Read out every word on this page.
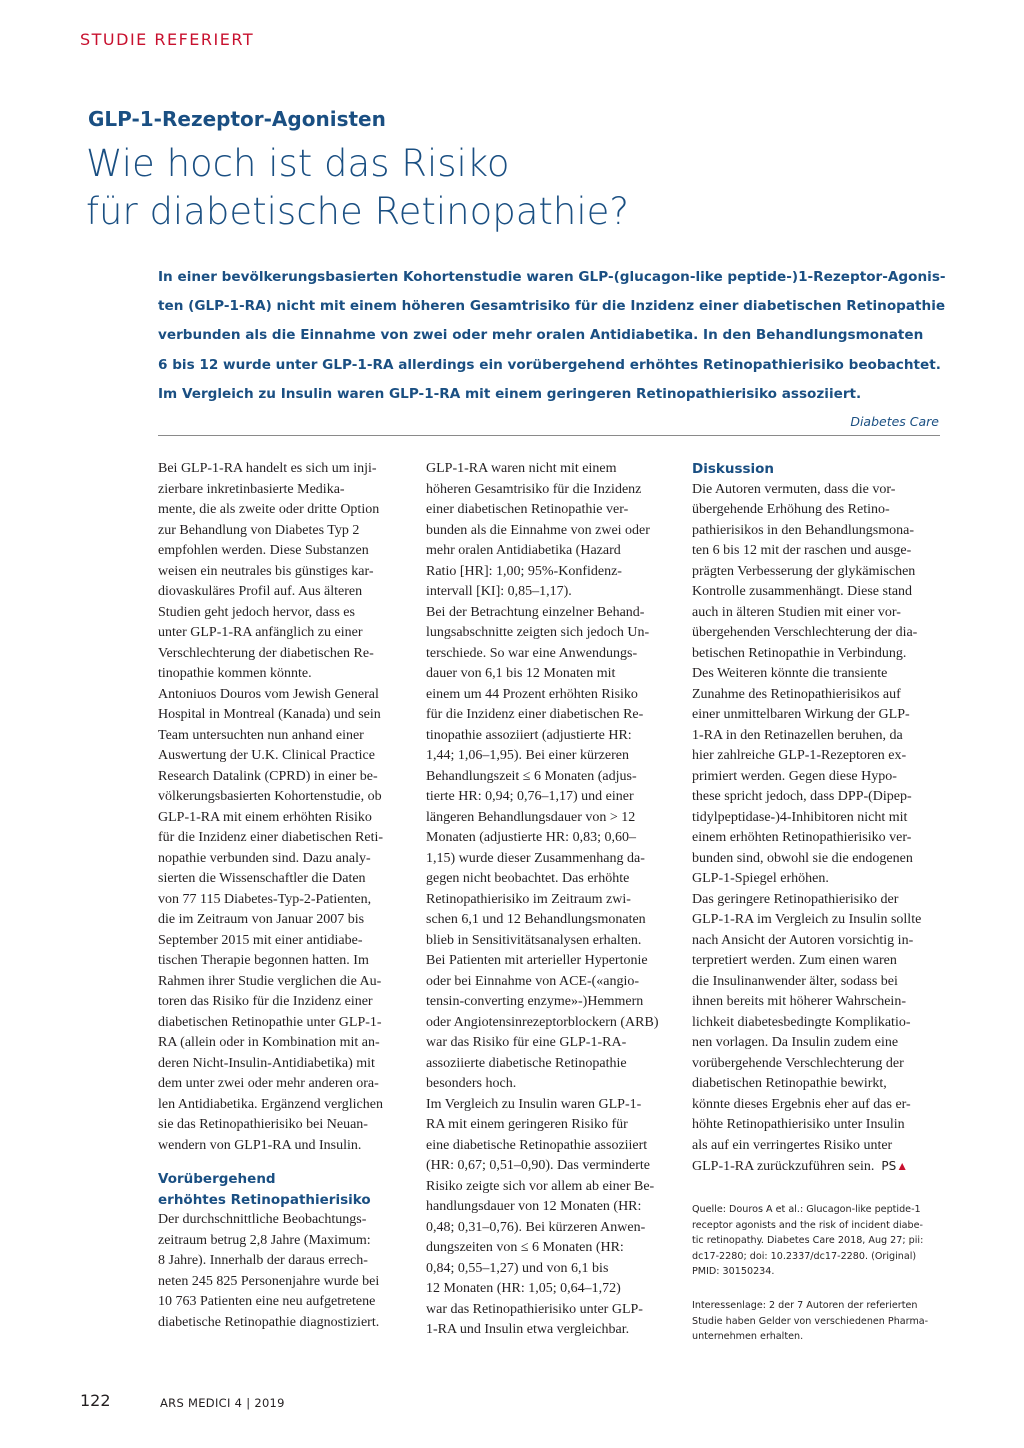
STUDIE REFERIERT
GLP-1-Rezeptor-Agonisten
Wie hoch ist das Risiko
für diabetische Retinopathie?
In einer bevölkerungsbasierten Kohortenstudie waren GLP-(glucagon-like peptide-)1-Rezeptor-Agonis-
ten (GLP-1-RA) nicht mit einem höheren Gesamtrisiko für die Inzidenz einer diabetischen Retinopathie
verbunden als die Einnahme von zwei oder mehr oralen Antidiabetika. In den Behandlungsmonaten
6 bis 12 wurde unter GLP-1-RA allerdings ein vorübergehend erhöhtes Retinopathierisiko beobachtet.
Im Vergleich zu Insulin waren GLP-1-RA mit einem geringeren Retinopathierisiko assoziiert.
Diabetes Care

Bei GLP-1-RA handelt es sich um inji-
zierbare inkretinbasierte Medika-
mente, die als zweite oder dritte Option
zur Behandlung von Diabetes Typ 2
empfohlen werden. Diese Substanzen
weisen ein neutrales bis günstiges kar-
diovaskuläres Profil auf. Aus älteren
Studien geht jedoch hervor, dass es
unter GLP-1-RA anfänglich zu einer
Verschlechterung der diabetischen Re-
tinopathie kommen könnte.

Antoniuos Douros vom Jewish General
Hospital in Montreal (Kanada) und sein
Team untersuchten nun anhand einer
Auswertung der U.K. Clinical Practice
Research Datalink (CPRD) in einer be-
völkerungsbasierten Kohortenstudie, ob
GLP-1-RA mit einem erhöhten Risiko
für die Inzidenz einer diabetischen Reti-
nopathie verbunden sind. Dazu analy-
sierten die Wissenschaftler die Daten
von 77 115 Diabetes-Typ-2-Patienten,
die im Zeitraum von Januar 2007 bis
September 2015 mit einer antidiabe-
tischen Therapie begonnen hatten. Im
Rahmen ihrer Studie verglichen die Au-
toren das Risiko für die Inzidenz einer
diabetischen Retinopathie unter GLP-1-
RA (allein oder in Kombination mit an-
deren Nicht-Insulin-Antidiabetika) mit
dem unter zwei oder mehr anderen ora-
len Antidiabetika. Ergänzend verglichen
sie das Retinopathierisiko bei Neuan-
wendern von GLP1-RA und Insulin.

Vorübergehend
erhöhtes Retinopathierisiko

Der durchschnittliche Beobachtungs-
zeitraum betrug 2,8 Jahre (Maximum:
8 Jahre). Innerhalb der daraus errech-
neten 245 825 Personenjahre wurde bei
10 763 Patienten eine neu aufgetretene
diabetische Retinopathie diagnostiziert.

GLP-1-RA waren nicht mit einem
höheren Gesamtrisiko für die Inzidenz
einer diabetischen Retinopathie ver-
bunden als die Einnahme von zwei oder
mehr oralen Antidiabetika (Hazard
Ratio [HR]: 1,00; 95%-Konfidenz-
intervall [KI]: 0,85–1,17).

Bei der Betrachtung einzelner Behand-
lungsabschnitte zeigten sich jedoch Un-
terschiede. So war eine Anwendungs-
dauer von 6,1 bis 12 Monaten mit
einem um 44 Prozent erhöhten Risiko
für die Inzidenz einer diabetischen Re-
tinopathie assoziiert (adjustierte HR:
1,44; 1,06–1,95). Bei einer kürzeren
Behandlungszeit ≤ 6 Monaten (adjus-
tierte HR: 0,94; 0,76–1,17) und einer
längeren Behandlungsdauer von > 12
Monaten (adjustierte HR: 0,83; 0,60–
1,15) wurde dieser Zusammenhang da-
gegen nicht beobachtet. Das erhöhte
Retinopathierisiko im Zeitraum zwi-
schen 6,1 und 12 Behandlungsmonaten
blieb in Sensitivitätsanalysen erhalten.

Bei Patienten mit arterieller Hypertonie
oder bei Einnahme von ACE-(«angio-
tensin-converting enzyme»-)Hemmern
oder Angiotensinrezeptorblockern (ARB)
war das Risiko für eine GLP-1-RA-
assoziierte diabetische Retinopathie
besonders hoch.

Im Vergleich zu Insulin waren GLP-1-
RA mit einem geringeren Risiko für
eine diabetische Retinopathie assoziiert
(HR: 0,67; 0,51–0,90). Das verminderte
Risiko zeigte sich vor allem ab einer Be-
handlungsdauer von 12 Monaten (HR:
0,48; 0,31–0,76). Bei kürzeren Anwen-
dungszeiten von ≤ 6 Monaten (HR:
0,84; 0,55–1,27) und von 6,1 bis
12 Monaten (HR: 1,05; 0,64–1,72)
war das Retinopathierisiko unter GLP-
1-RA und Insulin etwa vergleichbar.

Diskussion

Die Autoren vermuten, dass die vor-
übergehende Erhöhung des Retino-
pathierisikos in den Behandlungsmona-
ten 6 bis 12 mit der raschen und ausge-
prägten Verbesserung der glykämischen
Kontrolle zusammenhängt. Diese stand
auch in älteren Studien mit einer vor-
übergehenden Verschlechterung der dia-
betischen Retinopathie in Verbindung.

Des Weiteren könnte die transiente
Zunahme des Retinopathierisikos auf
einer unmittelbaren Wirkung der GLP-
1-RA in den Retinazellen beruhen, da
hier zahlreiche GLP-1-Rezeptoren ex-
primiert werden. Gegen diese Hypo-
these spricht jedoch, dass DPP-(Dipep-
tidylpeptidase-)4-Inhibitoren nicht mit
einem erhöhten Retinopathierisiko ver-
bunden sind, obwohl sie die endogenen
GLP-1-Spiegel erhöhen.

Das geringere Retinopathierisiko der
GLP-1-RA im Vergleich zu Insulin sollte
nach Ansicht der Autoren vorsichtig in-
terpretiert werden. Zum einen waren
die Insulinanwender älter, sodass bei
ihnen bereits mit höherer Wahrschein-
lichkeit diabetesbedingte Komplikatio-
nen vorlagen. Da Insulin zudem eine
vorübergehende Verschlechterung der
diabetischen Retinopathie bewirkt,
könnte dieses Ergebnis eher auf das er-
höhte Retinopathierisiko unter Insulin
als auf ein verringertes Risiko unter

GLP-1-RA zurückzuführen sein. PS▲

Quelle: Douros A et al.: Glucagon-like peptide-1
receptor agonists and the risk of incident diabe-
tic retinopathy. Diabetes Care 2018, Aug 27; pii:
dc17-2280; doi: 10.2337/dc17-2280. (Original)
PMID: 30150234.
Interessenlage: 2 der 7 Autoren der referierten
Studie haben Gelder von verschiedenen Pharma-
unternehmen erhalten.
122	ARS MEDICI 4 | 2019
